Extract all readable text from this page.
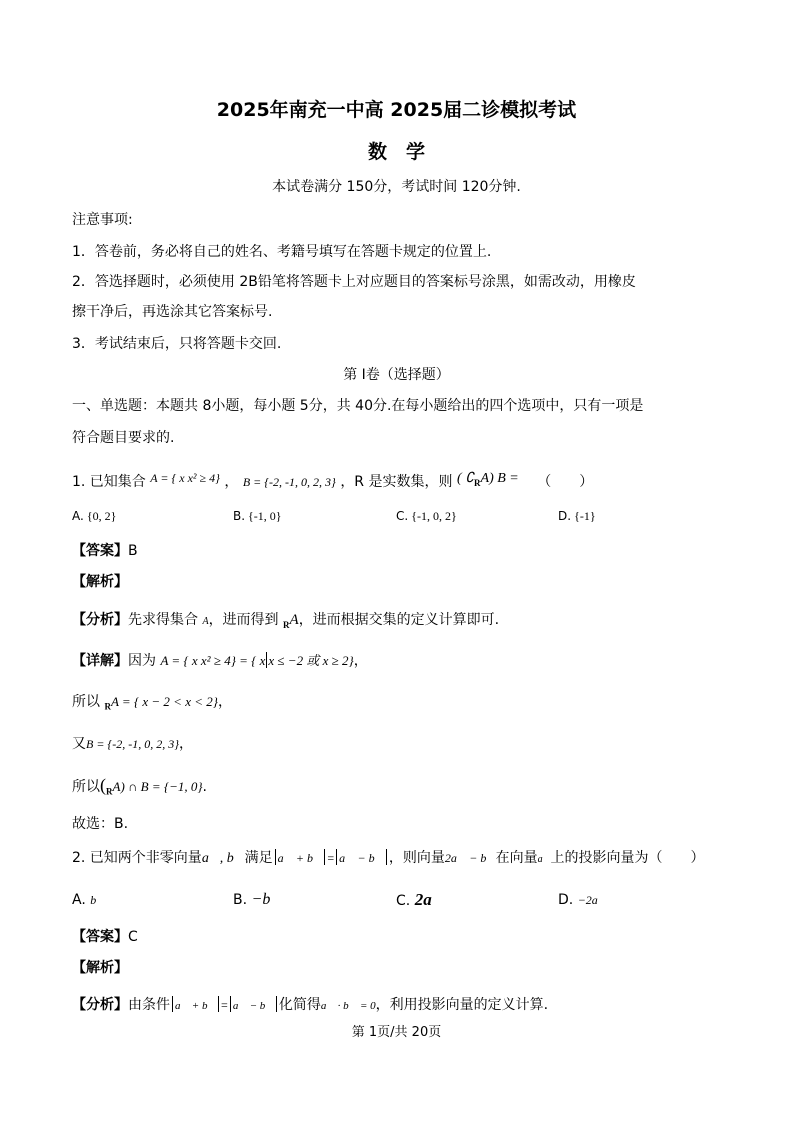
2025年南充一中高 2025届二诊模拟考试
数　学
本试卷满分 150分，考试时间 120分钟.
注意事项:
1．答卷前，务必将自己的姓名、考籍号填写在答题卡规定的位置上.
2．答选择题时，必须使用 2B铅笔将答题卡上对应题目的答案标号涂黑，如需改动，用橡皮
擦干净后，再选涂其它答案标号.
3．考试结束后，只将答题卡交回.
第 I卷（选择题）
一、单选题：本题共 8小题，每小题 5分，共 40分.在每小题给出的四个选项中，只有一项是
符合题目要求的.
1. 已知集合 A = { x x² ≥ 4} ， B = {-2, -1, 0, 2, 3} ，R 是实数集，则 ( $∁_RA$) B = （　　）
A. {0, 2}	B. {-1, 0}	C. {-1, 0, 2}	D. {-1}
【答案】B
【解析】
【分析】先求得集合 A，进而得到 $_R$A，进而根据交集的定义计算即可.
【详解】因为 A = { x x² ≥ 4} = { x x ≤ −2 或 x ≥ 2}，
所以 $_R$A = { x − 2 < x < 2}，
又B = {-2, -1, 0, 2, 3}，
所以$(_RA)$ ∩ B = {−1, 0}.
故选：B.
2. 已知两个非零向量a⃗, b⃗满足 a⃗ + b⃗ = a⃗ − b⃗ ，则向量2a⃗ − b⃗在向量a⃗上的投影向量为（　　）
A. b⃗	B. −b⃗	C. 2a⃗	D. −2a⃗
【答案】C
【解析】
【分析】由条件 a⃗ + b⃗ = a⃗ − b⃗ 化简得a⃗ · b⃗ = 0，利用投影向量的定义计算.
第 1页/共 20页
